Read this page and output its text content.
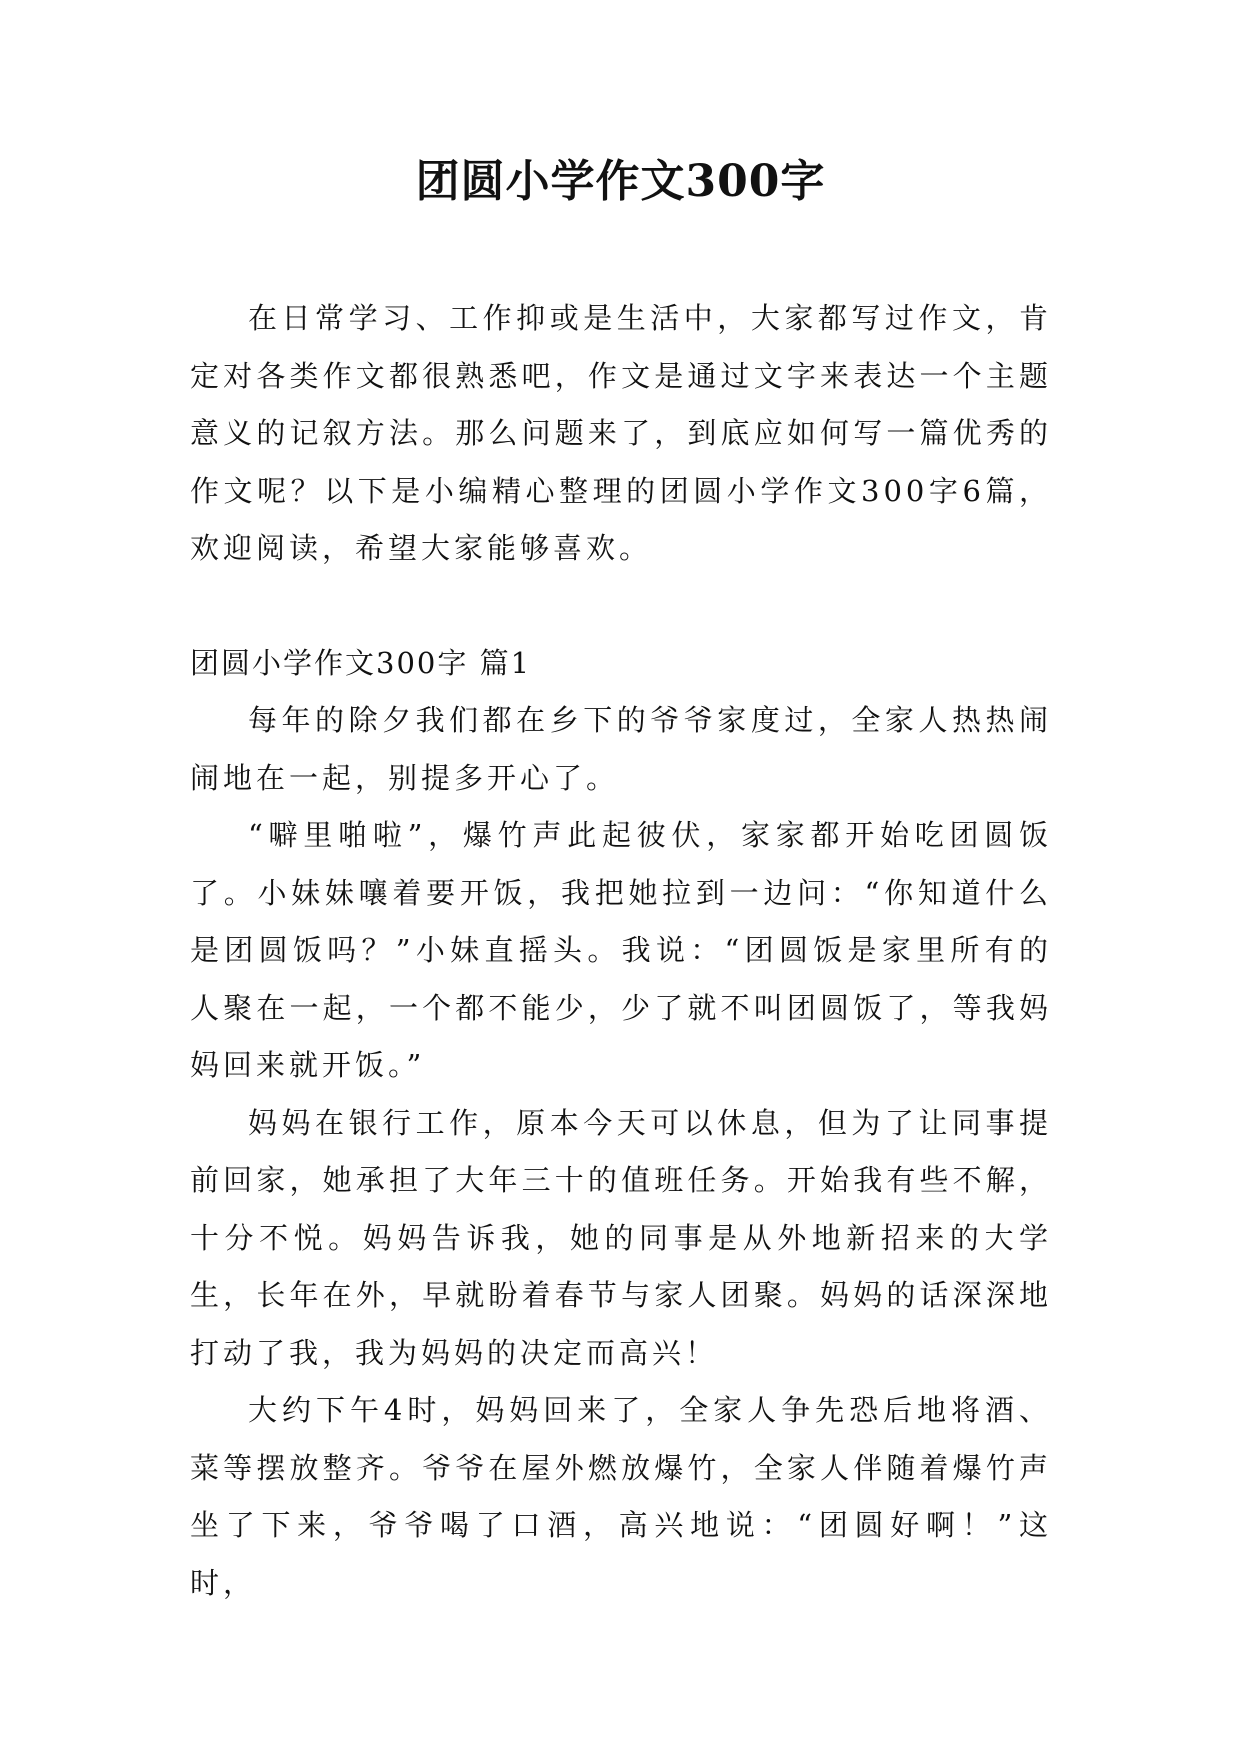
团圆小学作文300字

在日常学习、工作抑或是生活中，大家都写过作文，肯定对各类作文都很熟悉吧，作文是通过文字来表达一个主题意义的记叙方法。那么问题来了，到底应如何写一篇优秀的作文呢？以下是小编精心整理的团圆小学作文300字6篇，欢迎阅读，希望大家能够喜欢。

团圆小学作文300字 篇1

每年的除夕我们都在乡下的爷爷家度过，全家人热热闹闹地在一起，别提多开心了。

“噼里啪啦”，爆竹声此起彼伏，家家都开始吃团圆饭了。小妹妹嚷着要开饭，我把她拉到一边问：“你知道什么是团圆饭吗？”小妹直摇头。我说：“团圆饭是家里所有的人聚在一起，一个都不能少，少了就不叫团圆饭了，等我妈妈回来就开饭。”

妈妈在银行工作，原本今天可以休息，但为了让同事提前回家，她承担了大年三十的值班任务。开始我有些不解，十分不悦。妈妈告诉我，她的同事是从外地新招来的大学生，长年在外，早就盼着春节与家人团聚。妈妈的话深深地打动了我，我为妈妈的决定而高兴！

大约下午4时，妈妈回来了，全家人争先恐后地将酒、菜等摆放整齐。爷爷在屋外燃放爆竹，全家人伴随着爆竹声坐了下来，爷爷喝了口酒，高兴地说：“团圆好啊！”这时，
